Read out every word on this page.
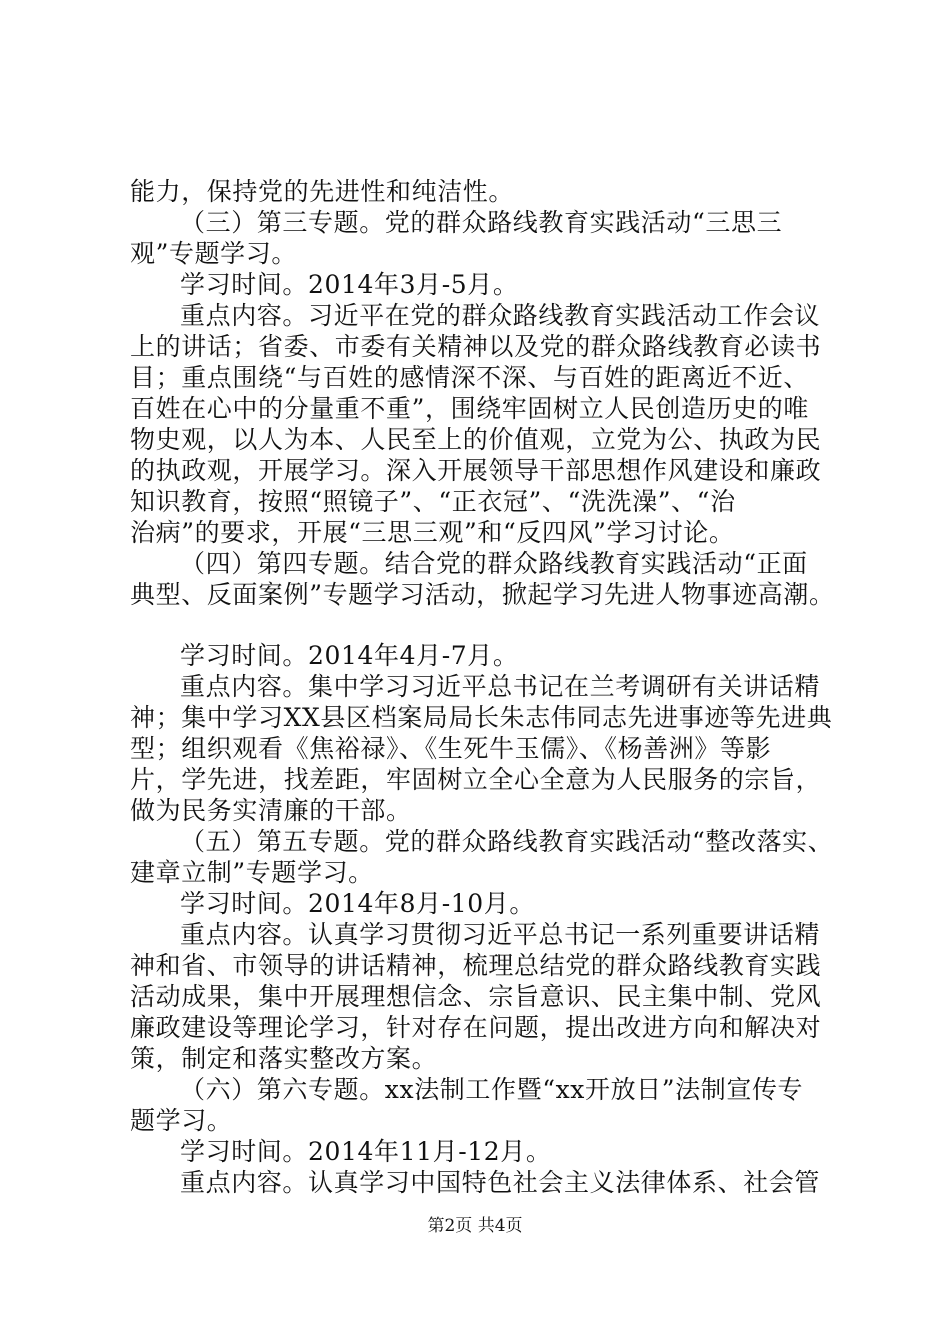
能力，保持党的先进性和纯洁性。
（三）第三专题。党的群众路线教育实践活动“三思三
观”专题学习。
学习时间。2014年3月-5月。
重点内容。习近平在党的群众路线教育实践活动工作会议
上的讲话；省委、市委有关精神以及党的群众路线教育必读书
目；重点围绕“与百姓的感情深不深、与百姓的距离近不近、
百姓在心中的分量重不重”，围绕牢固树立人民创造历史的唯
物史观，以人为本、人民至上的价值观，立党为公、执政为民
的执政观，开展学习。深入开展领导干部思想作风建设和廉政
知识教育，按照“照镜子”、“正衣冠”、“洗洗澡”、“治
治病”的要求，开展“三思三观”和“反四风”学习讨论。
（四）第四专题。结合党的群众路线教育实践活动“正面
典型、反面案例”专题学习活动，掀起学习先进人物事迹高潮。
学习时间。2014年4月-7月。
重点内容。集中学习习近平总书记在兰考调研有关讲话精
神；集中学习XX县区档案局局长朱志伟同志先进事迹等先进典
型；组织观看《焦裕禄》、《生死牛玉儒》、《杨善洲》等影
片，学先进，找差距，牢固树立全心全意为人民服务的宗旨，
做为民务实清廉的干部。
（五）第五专题。党的群众路线教育实践活动“整改落实、
建章立制”专题学习。
学习时间。2014年8月-10月。
重点内容。认真学习贯彻习近平总书记一系列重要讲话精
神和省、市领导的讲话精神，梳理总结党的群众路线教育实践
活动成果，集中开展理想信念、宗旨意识、民主集中制、党风
廉政建设等理论学习，针对存在问题，提出改进方向和解决对
策，制定和落实整改方案。
（六）第六专题。xx法制工作暨“xx开放日”法制宣传专
题学习。
学习时间。2014年11月-12月。
重点内容。认真学习中国特色社会主义法律体系、社会管
第2页 共4页
